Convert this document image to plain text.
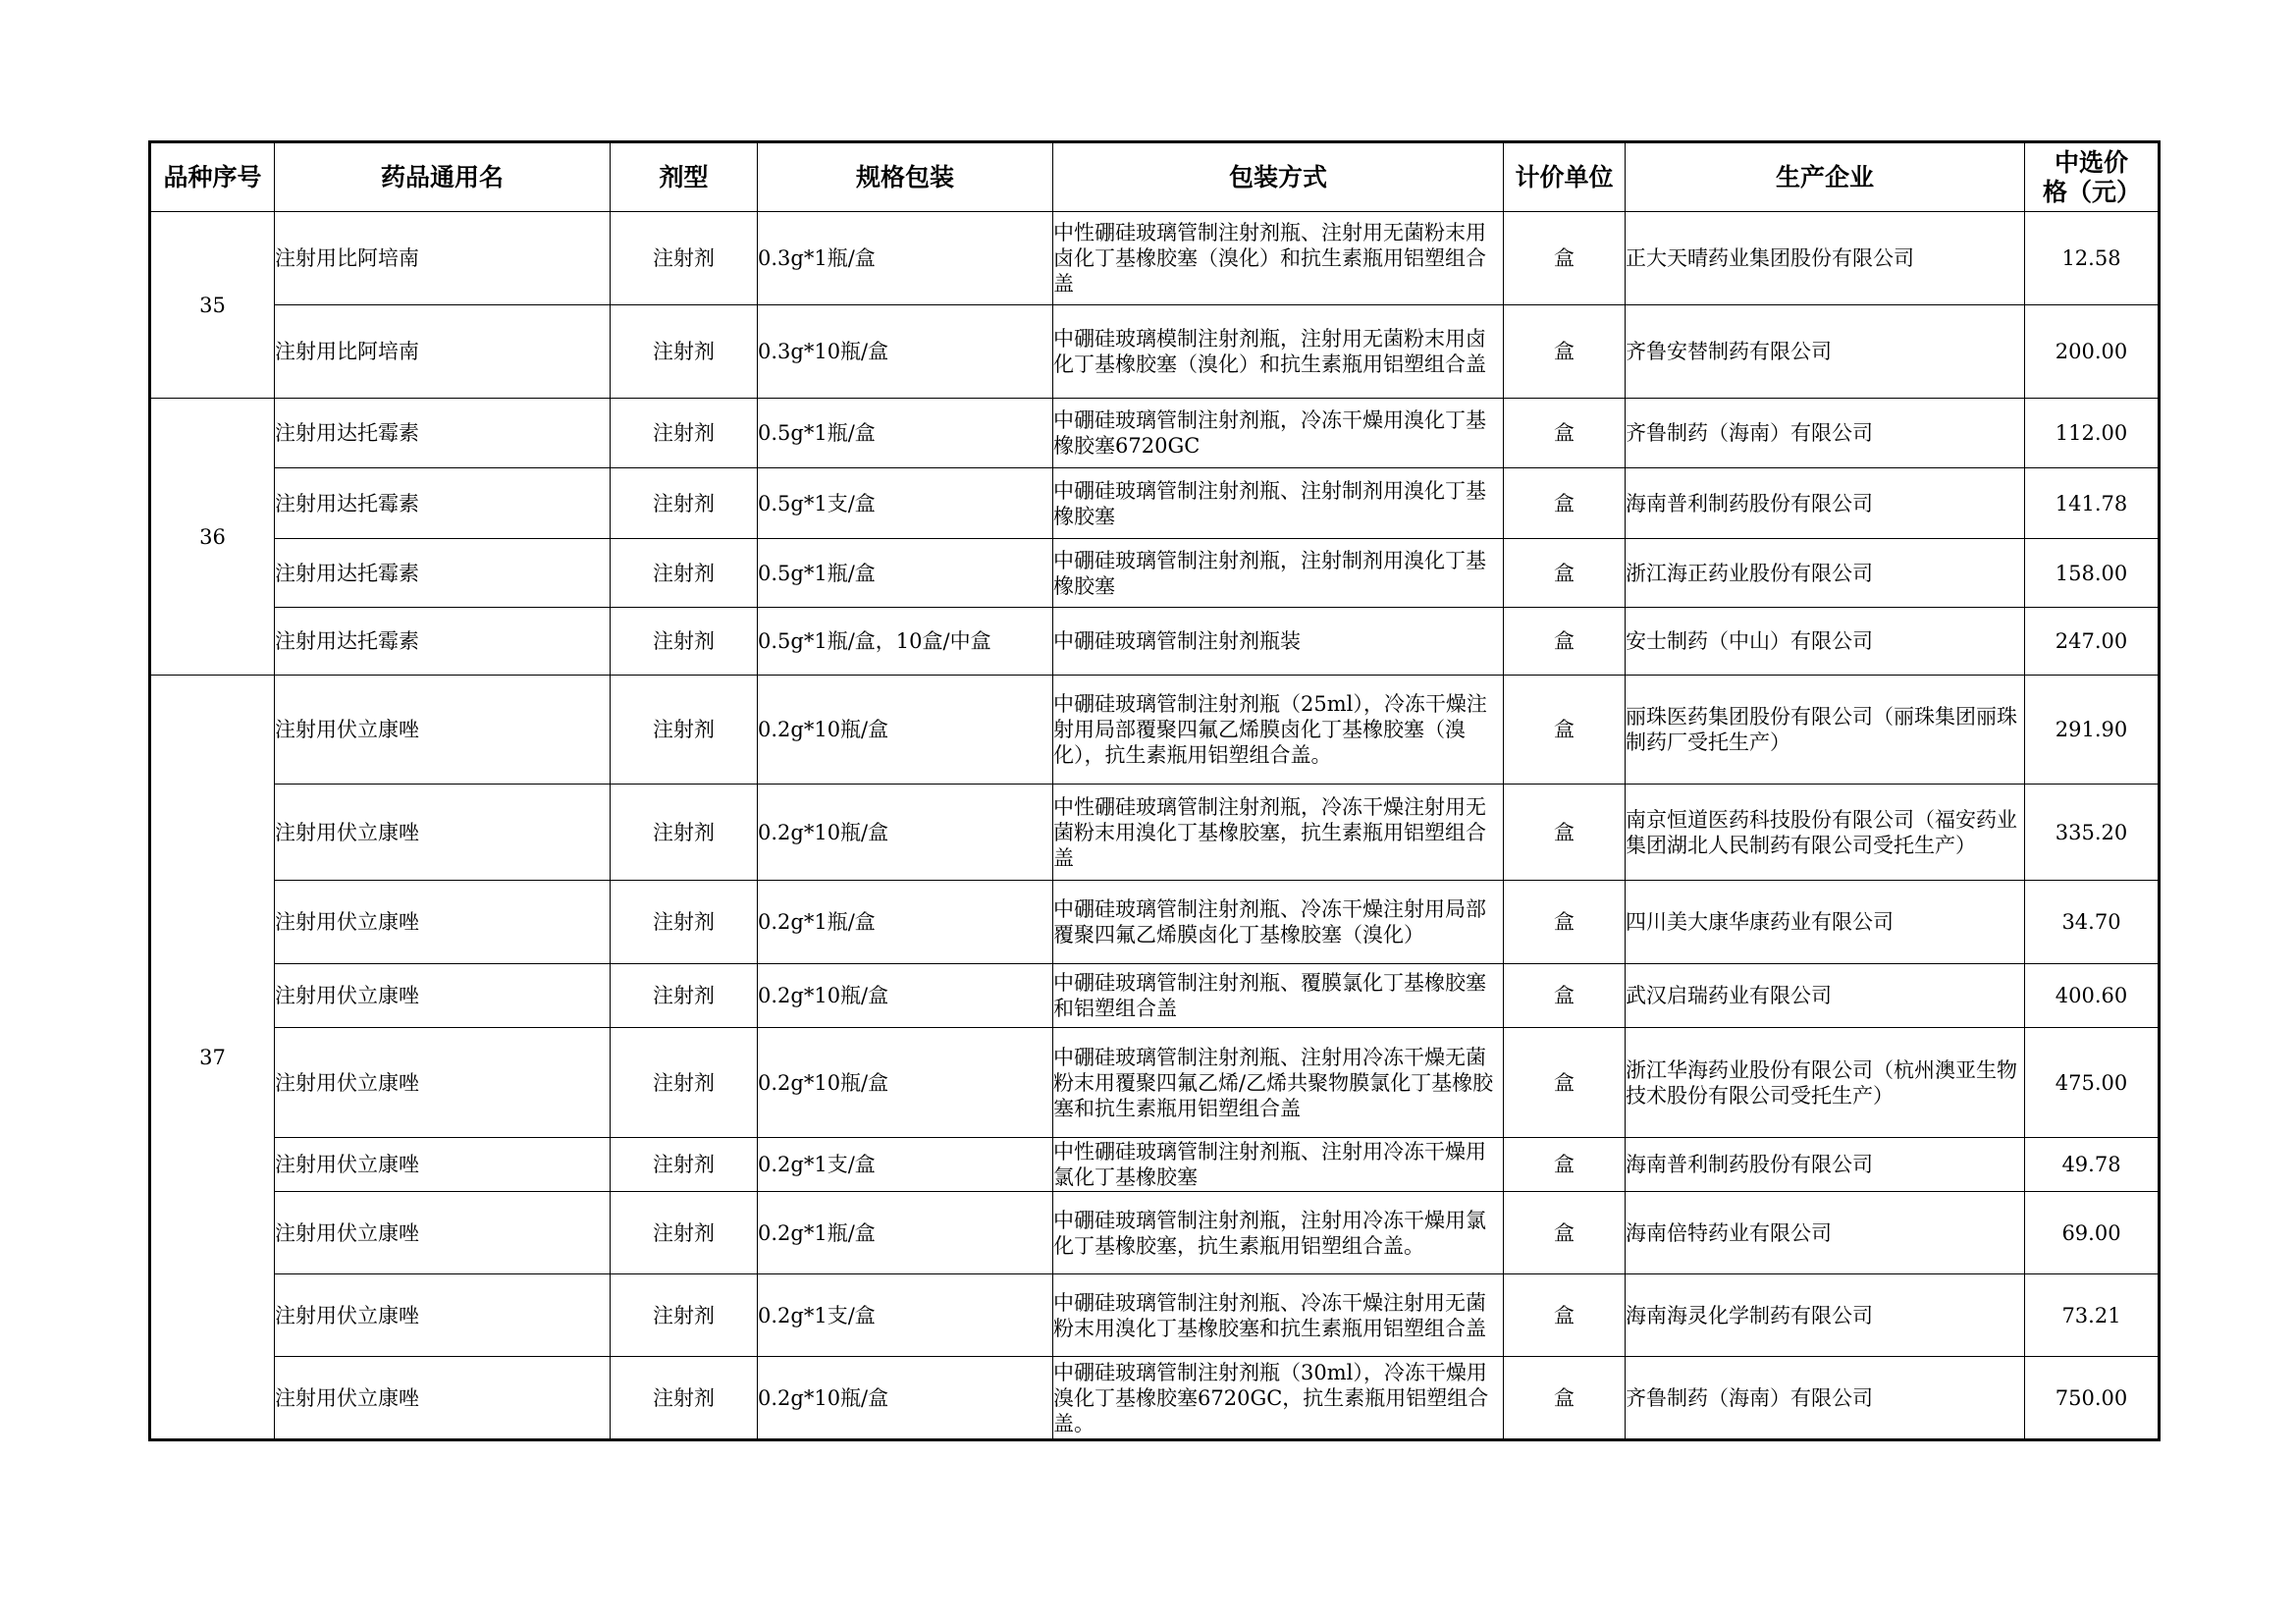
品种序号	药品通用名	剂型	规格包装	包装方式	计价单位	生产企业	中选价格（元）
35	注射用比阿培南	注射剂	0.3g*1瓶/盒	中性硼硅玻璃管制注射剂瓶、注射用无菌粉末用卤化丁基橡胶塞（溴化）和抗生素瓶用铝塑组合盖	盒	正大天晴药业集团股份有限公司	12.58
	注射用比阿培南	注射剂	0.3g*10瓶/盒	中硼硅玻璃模制注射剂瓶，注射用无菌粉末用卤化丁基橡胶塞（溴化）和抗生素瓶用铝塑组合盖	盒	齐鲁安替制药有限公司	200.00
36	注射用达托霉素	注射剂	0.5g*1瓶/盒	中硼硅玻璃管制注射剂瓶，冷冻干燥用溴化丁基橡胶塞6720GC	盒	齐鲁制药（海南）有限公司	112.00
	注射用达托霉素	注射剂	0.5g*1支/盒	中硼硅玻璃管制注射剂瓶、注射制剂用溴化丁基橡胶塞	盒	海南普利制药股份有限公司	141.78
	注射用达托霉素	注射剂	0.5g*1瓶/盒	中硼硅玻璃管制注射剂瓶，注射制剂用溴化丁基橡胶塞	盒	浙江海正药业股份有限公司	158.00
	注射用达托霉素	注射剂	0.5g*1瓶/盒，10盒/中盒	中硼硅玻璃管制注射剂瓶装	盒	安士制药（中山）有限公司	247.00
37	注射用伏立康唑	注射剂	0.2g*10瓶/盒	中硼硅玻璃管制注射剂瓶（25ml），冷冻干燥注射用局部覆聚四氟乙烯膜卤化丁基橡胶塞（溴化），抗生素瓶用铝塑组合盖。	盒	丽珠医药集团股份有限公司（丽珠集团丽珠制药厂受托生产）	291.90
	注射用伏立康唑	注射剂	0.2g*10瓶/盒	中性硼硅玻璃管制注射剂瓶，冷冻干燥注射用无菌粉末用溴化丁基橡胶塞，抗生素瓶用铝塑组合盖	盒	南京恒道医药科技股份有限公司（福安药业集团湖北人民制药有限公司受托生产）	335.20
	注射用伏立康唑	注射剂	0.2g*1瓶/盒	中硼硅玻璃管制注射剂瓶、冷冻干燥注射用局部覆聚四氟乙烯膜卤化丁基橡胶塞（溴化）	盒	四川美大康华康药业有限公司	34.70
	注射用伏立康唑	注射剂	0.2g*10瓶/盒	中硼硅玻璃管制注射剂瓶、覆膜氯化丁基橡胶塞和铝塑组合盖	盒	武汉启瑞药业有限公司	400.60
	注射用伏立康唑	注射剂	0.2g*10瓶/盒	中硼硅玻璃管制注射剂瓶、注射用冷冻干燥无菌粉末用覆聚四氟乙烯/乙烯共聚物膜氯化丁基橡胶塞和抗生素瓶用铝塑组合盖	盒	浙江华海药业股份有限公司（杭州澳亚生物技术股份有限公司受托生产）	475.00
	注射用伏立康唑	注射剂	0.2g*1支/盒	中性硼硅玻璃管制注射剂瓶、注射用冷冻干燥用氯化丁基橡胶塞	盒	海南普利制药股份有限公司	49.78
	注射用伏立康唑	注射剂	0.2g*1瓶/盒	中硼硅玻璃管制注射剂瓶，注射用冷冻干燥用氯化丁基橡胶塞，抗生素瓶用铝塑组合盖。	盒	海南倍特药业有限公司	69.00
	注射用伏立康唑	注射剂	0.2g*1支/盒	中硼硅玻璃管制注射剂瓶、冷冻干燥注射用无菌粉末用溴化丁基橡胶塞和抗生素瓶用铝塑组合盖	盒	海南海灵化学制药有限公司	73.21
	注射用伏立康唑	注射剂	0.2g*10瓶/盒	中硼硅玻璃管制注射剂瓶（30ml），冷冻干燥用溴化丁基橡胶塞6720GC，抗生素瓶用铝塑组合盖。	盒	齐鲁制药（海南）有限公司	750.00
